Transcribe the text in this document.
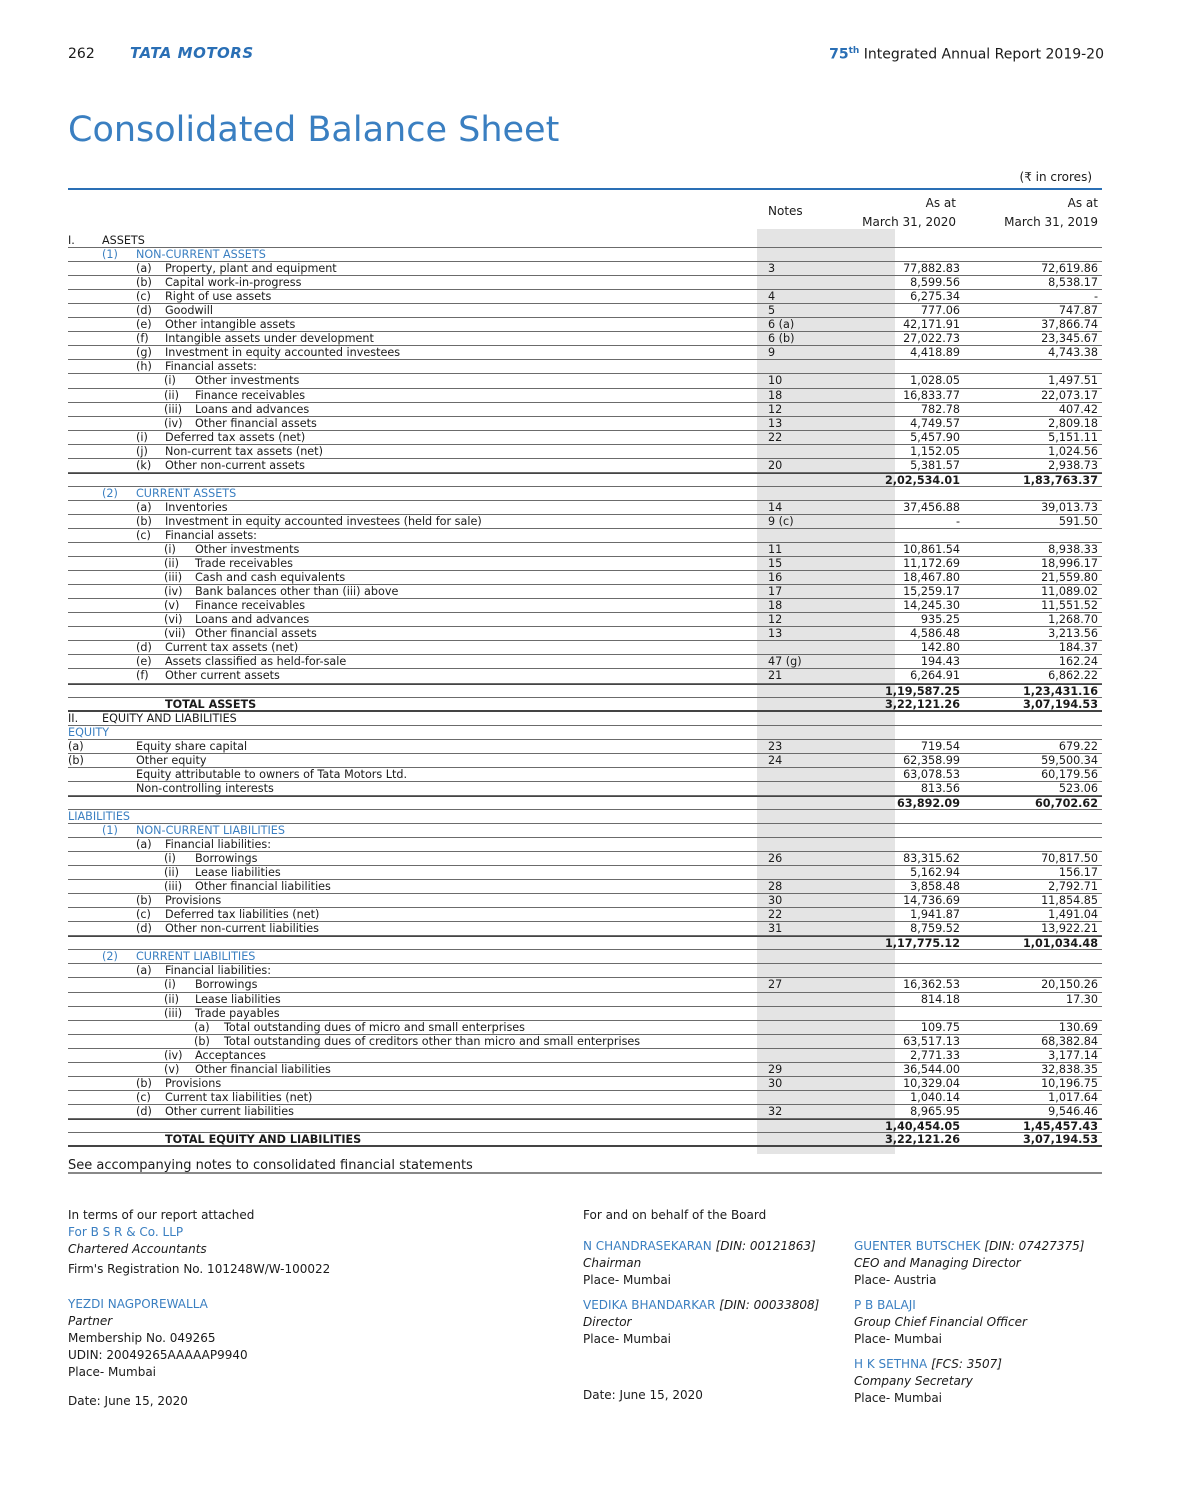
262 TATA MOTORS	75th Integrated Annual Report 2019-20
Consolidated Balance Sheet
(₹ in crores)
Notes
As at
March 31, 2020
As at
March 31, 2019
I. ASSETS
(1) NON-CURRENT ASSETS
(a) Property, plant and equipment	3	77,882.83	72,619.86
(b) Capital work-in-progress	8,599.56	8,538.17
(c) Right of use assets	4	6,275.34	-
(d) Goodwill	5	777.06	747.87
(e) Other intangible assets	6 (a)	42,171.91	37,866.74
(f) Intangible assets under development	6 (b)	27,022.73	23,345.67
(g) Investment in equity accounted investees	9	4,418.89	4,743.38
(h) Financial assets:
(i) Other investments	10	1,028.05	1,497.51
(ii) Finance receivables	18	16,833.77	22,073.17
(iii) Loans and advances	12	782.78	407.42
(iv) Other financial assets	13	4,749.57	2,809.18
(i) Deferred tax assets (net)	22	5,457.90	5,151.11
(j) Non-current tax assets (net)	1,152.05	1,024.56
(k) Other non-current assets	20	5,381.57	2,938.73
2,02,534.01	1,83,763.37
(2) CURRENT ASSETS
(a) Inventories	14	37,456.88	39,013.73
(b) Investment in equity accounted investees (held for sale)	9 (c)	-	591.50
(c) Financial assets:
(i) Other investments	11	10,861.54	8,938.33
(ii) Trade receivables	15	11,172.69	18,996.17
(iii) Cash and cash equivalents	16	18,467.80	21,559.80
(iv) Bank balances other than (iii) above	17	15,259.17	11,089.02
(v) Finance receivables	18	14,245.30	11,551.52
(vi) Loans and advances	12	935.25	1,268.70
(vii) Other financial assets	13	4,586.48	3,213.56
(d) Current tax assets (net)	142.80	184.37
(e) Assets classified as held-for-sale	47 (g)	194.43	162.24
(f) Other current assets	21	6,264.91	6,862.22
1,19,587.25	1,23,431.16
TOTAL ASSETS	3,22,121.26	3,07,194.53
II. EQUITY AND LIABILITIES
EQUITY
(a)	Equity share capital	23	719.54	679.22
(b)	Other equity	24	62,358.99	59,500.34
Equity attributable to owners of Tata Motors Ltd.	63,078.53	60,179.56
Non-controlling interests	813.56	523.06
63,892.09	60,702.62
LIABILITIES
(1) NON-CURRENT LIABILITIES
(a) Financial liabilities:
(i) Borrowings	26	83,315.62	70,817.50
(ii) Lease liabilities	5,162.94	156.17
(iii) Other financial liabilities	28	3,858.48	2,792.71
(b) Provisions	30	14,736.69	11,854.85
(c) Deferred tax liabilities (net)	22	1,941.87	1,491.04
(d) Other non-current liabilities	31	8,759.52	13,922.21
1,17,775.12	1,01,034.48
(2) CURRENT LIABILITIES
(a) Financial liabilities:
(i) Borrowings	27	16,362.53	20,150.26
(ii) Lease liabilities	814.18	17.30
(iii) Trade payables
(a) Total outstanding dues of micro and small enterprises	109.75	130.69
(b) Total outstanding dues of creditors other than micro and small enterprises	63,517.13	68,382.84
(iv) Acceptances	2,771.33	3,177.14
(v) Other financial liabilities	29	36,544.00	32,838.35
(b) Provisions	30	10,329.04	10,196.75
(c) Current tax liabilities (net)	1,040.14	1,017.64
(d) Other current liabilities	32	8,965.95	9,546.46
1,40,454.05	1,45,457.43
TOTAL EQUITY AND LIABILITIES	3,22,121.26	3,07,194.53
See accompanying notes to consolidated financial statements
In terms of our report attached
For B S R & Co. LLP
Chartered Accountants
Firm's Registration No. 101248W/W-100022
YEZDI NAGPOREWALLA
Partner
Membership No. 049265
UDIN: 20049265AAAAAP9940
Place- Mumbai
Date: June 15, 2020
For and on behalf of the Board
N CHANDRASEKARAN [DIN: 00121863]
Chairman
Place- Mumbai
GUENTER BUTSCHEK [DIN: 07427375]
CEO and Managing Director
Place- Austria
VEDIKA BHANDARKAR [DIN: 00033808]
Director
Place- Mumbai
P B BALAJI
Group Chief Financial Officer
Place- Mumbai
H K SETHNA [FCS: 3507]
Company Secretary
Place- Mumbai
Date: June 15, 2020
